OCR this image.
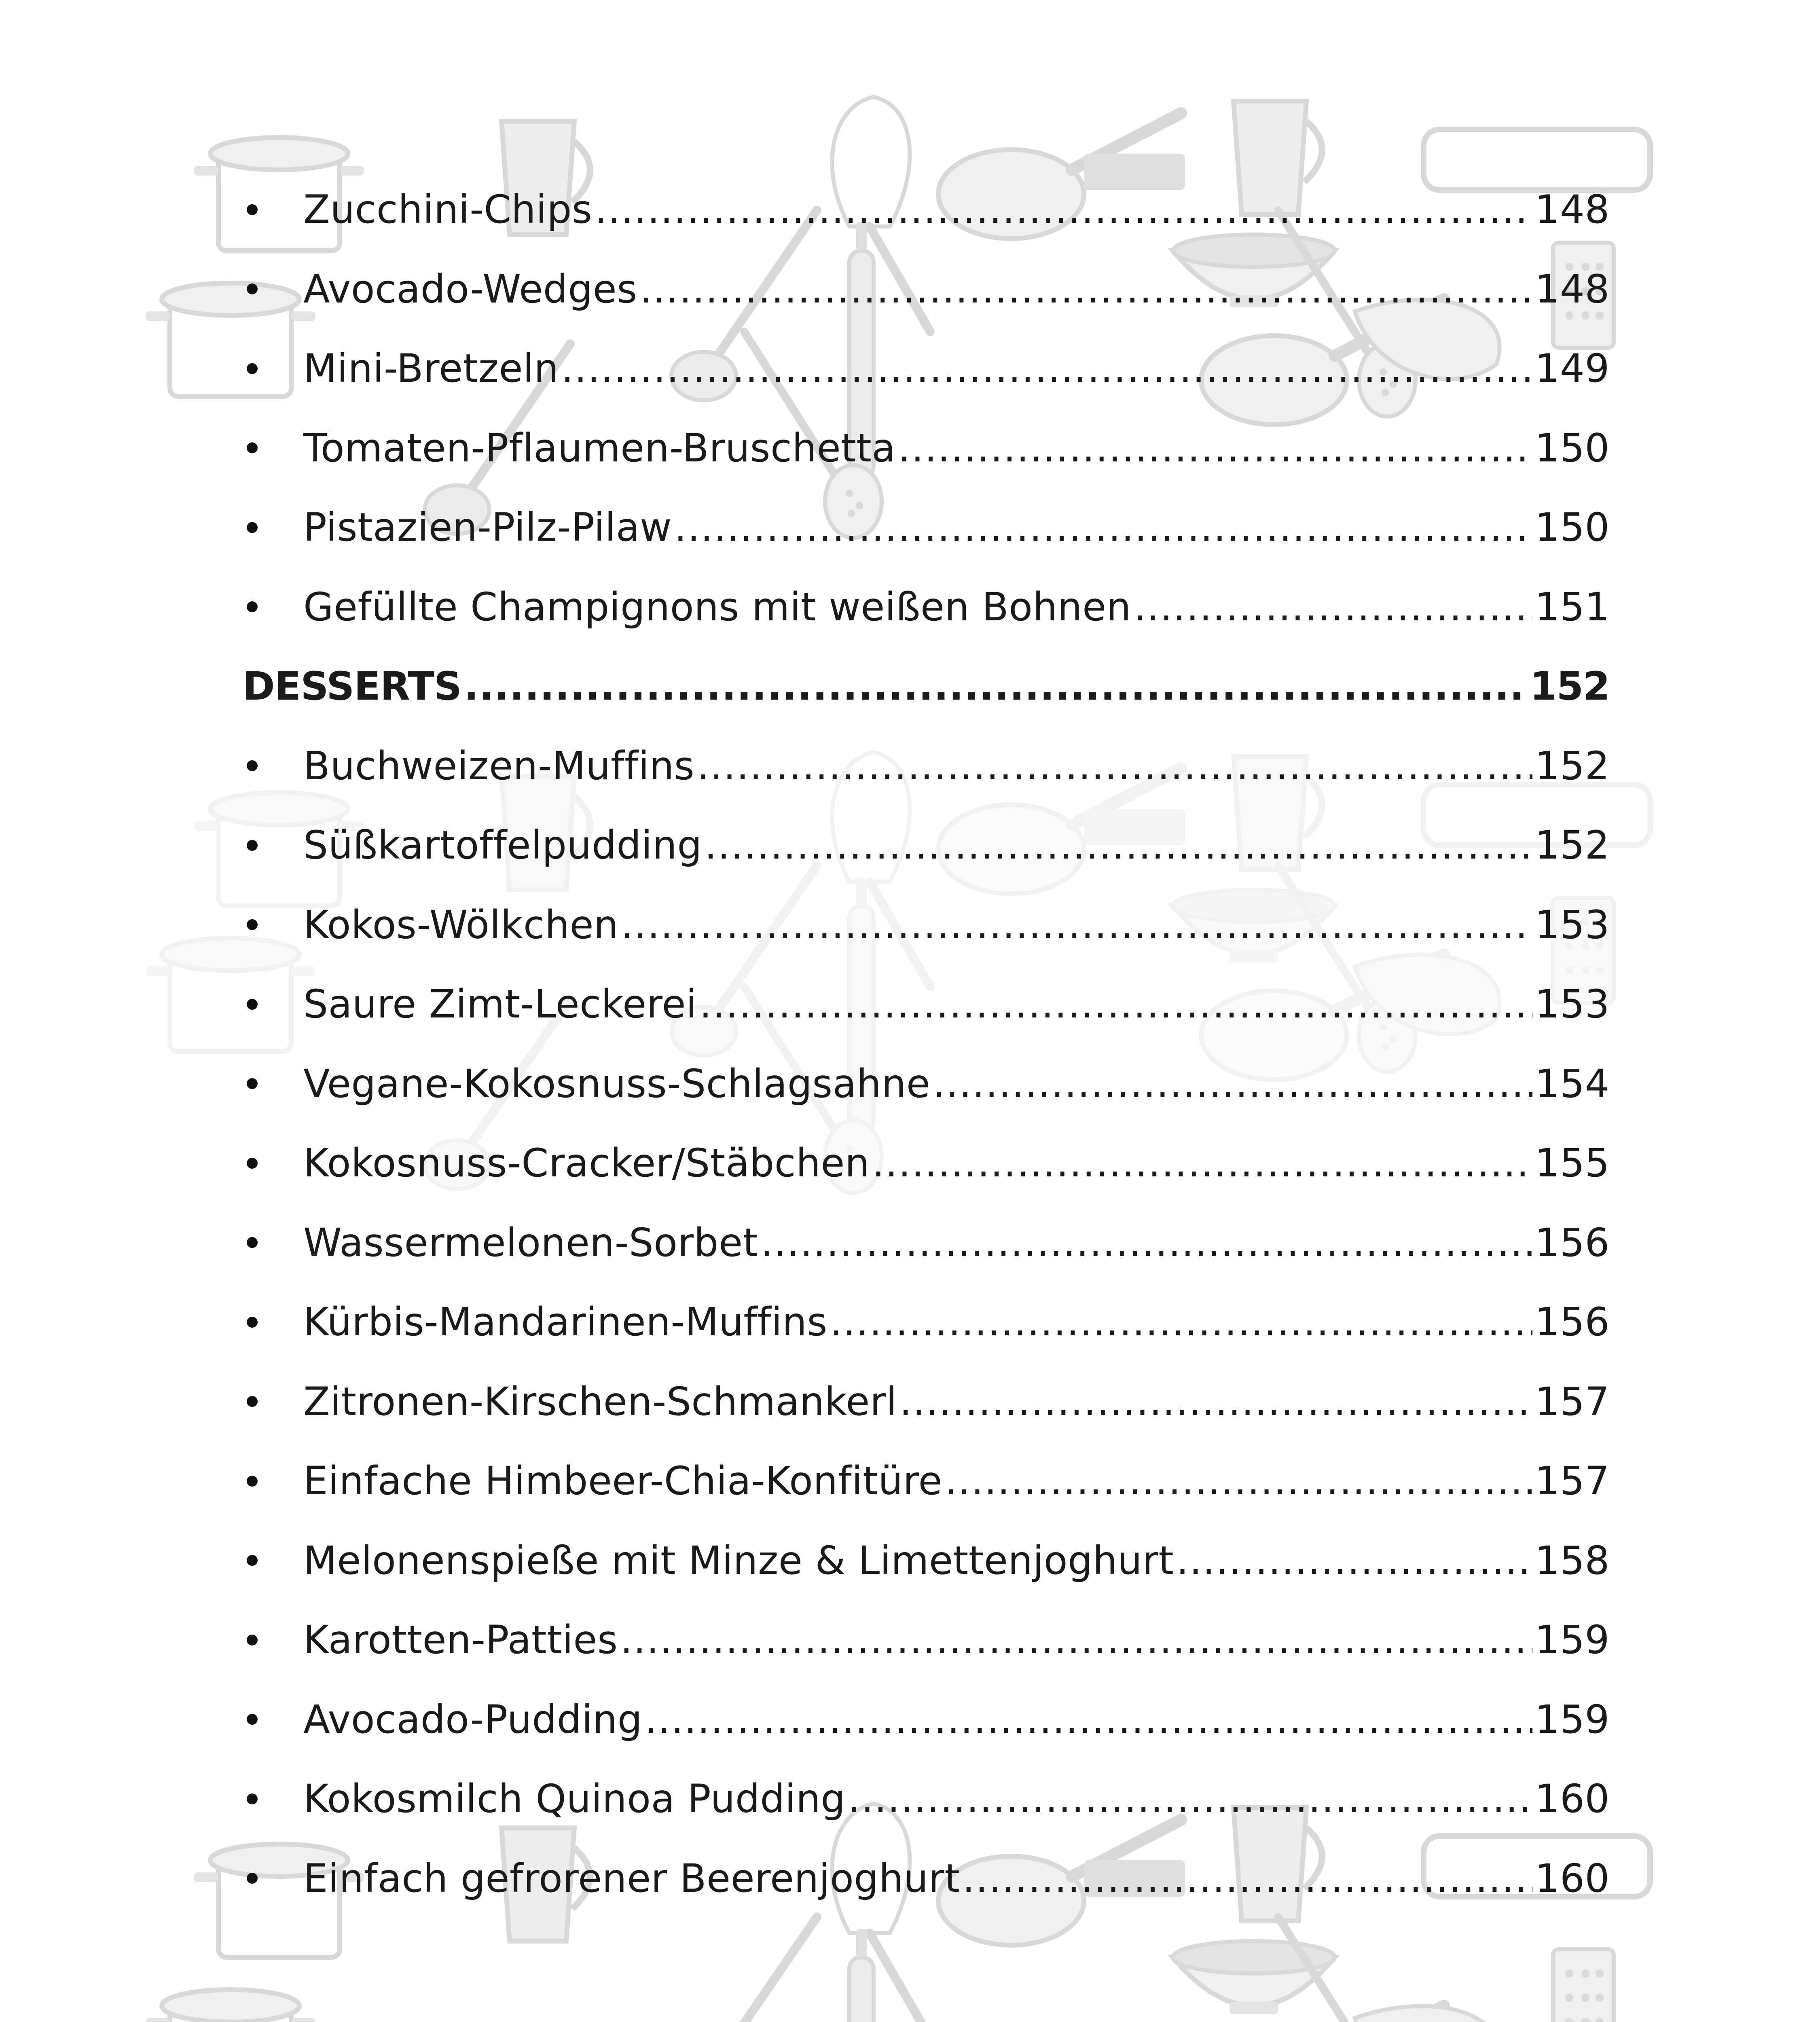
Zucchini-Chips .....	148
Avocado-Wedges .....	148
Mini-Bretzeln .....	149
Tomaten-Pflaumen-Bruschetta .....	150
Pistazien-Pilz-Pilaw .....	150
Gefüllte Champignons mit weißen Bohnen .....	151
DESSERTS .....	152
Buchweizen-Muffins .....	152
Süßkartoffelpudding .....	152
Kokos-Wölkchen .....	153
Saure Zimt-Leckerei .....	153
Vegane-Kokosnuss-Schlagsahne .....	154
Kokosnuss-Cracker/Stäbchen .....	155
Wassermelonen-Sorbet .....	156
Kürbis-Mandarinen-Muffins .....	156
Zitronen-Kirschen-Schmankerl .....	157
Einfache Himbeer-Chia-Konfitüre .....	157
Melonenspieße mit Minze & Limettenjoghurt .....	158
Karotten-Patties .....	159
Avocado-Pudding .....	159
Kokosmilch Quinoa Pudding .....	160
Einfach gefrorener Beerenjoghurt .....	160
